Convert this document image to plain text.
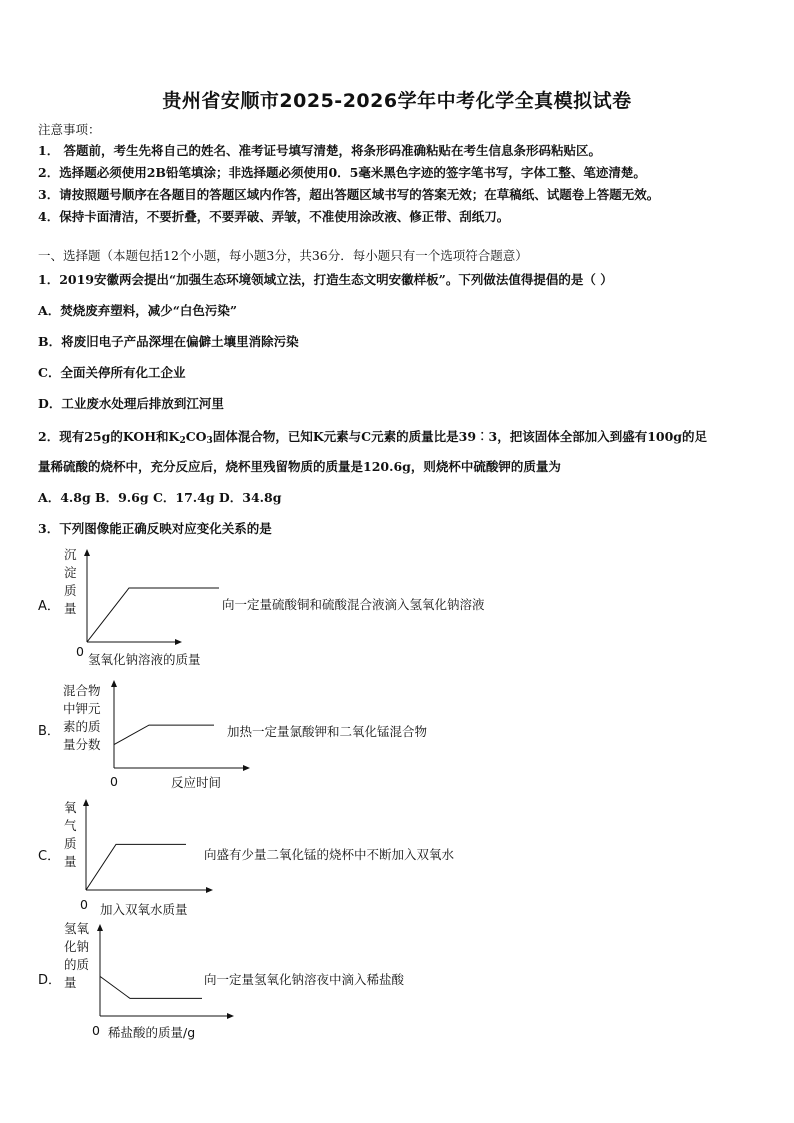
贵州省安顺市2025-2026学年中考化学全真模拟试卷
注意事项：
1． 答题前，考生先将自己的姓名、准考证号填写清楚，将条形码准确粘贴在考生信息条形码粘贴区。
2．选择题必须使用2B铅笔填涂；非选择题必须使用0．5毫米黑色字迹的签字笔书写，字体工整、笔迹清楚。
3．请按照题号顺序在各题目的答题区域内作答，超出答题区域书写的答案无效；在草稿纸、试题卷上答题无效。
4．保持卡面清洁，不要折叠，不要弄破、弄皱，不准使用涂改液、修正带、刮纸刀。
一、选择题（本题包括12个小题，每小题3分，共36分．每小题只有一个选项符合题意）
1．2019安徽两会提出“加强生态环境领域立法，打造生态文明安徽样板”。下列做法值得提倡的是（ ）
A．焚烧废弃塑料，减少“白色污染”
B．将废旧电子产品深埋在偏僻土壤里消除污染
C．全面关停所有化工企业
D．工业废水处理后排放到江河里
2．现有25g的KOH和$K_2CO_3$固体混合物，已知K元素与C元素的质量比是39︰3，把该固体全部加入到盛有100g的足
量稀硫酸的烧杯中，充分反应后，烧杯里残留物质的质量是120.6g，则烧杯中硫酸钾的质量为
A．4.8g B．9.6g C．17.4g D．34.8g
3．下列图像能正确反映对应变化关系的是
A．
沉
淀
质
量
0
氢氧化钠溶液的质量
向一定量硫酸铜和硫酸混合液滴入氢氧化钠溶液
B．
混合物
中钾元
素的质
量分数
0	反应时间
加热一定量氯酸钾和二氧化锰混合物
C．
氧
气
质
量
0 加入双氧水质量
向盛有少量二氧化锰的烧杯中不断加入双氧水
D．
氢氧
化钠
的质
量
0 稀盐酸的质量/g
向一定量氢氧化钠溶夜中滴入稀盐酸
